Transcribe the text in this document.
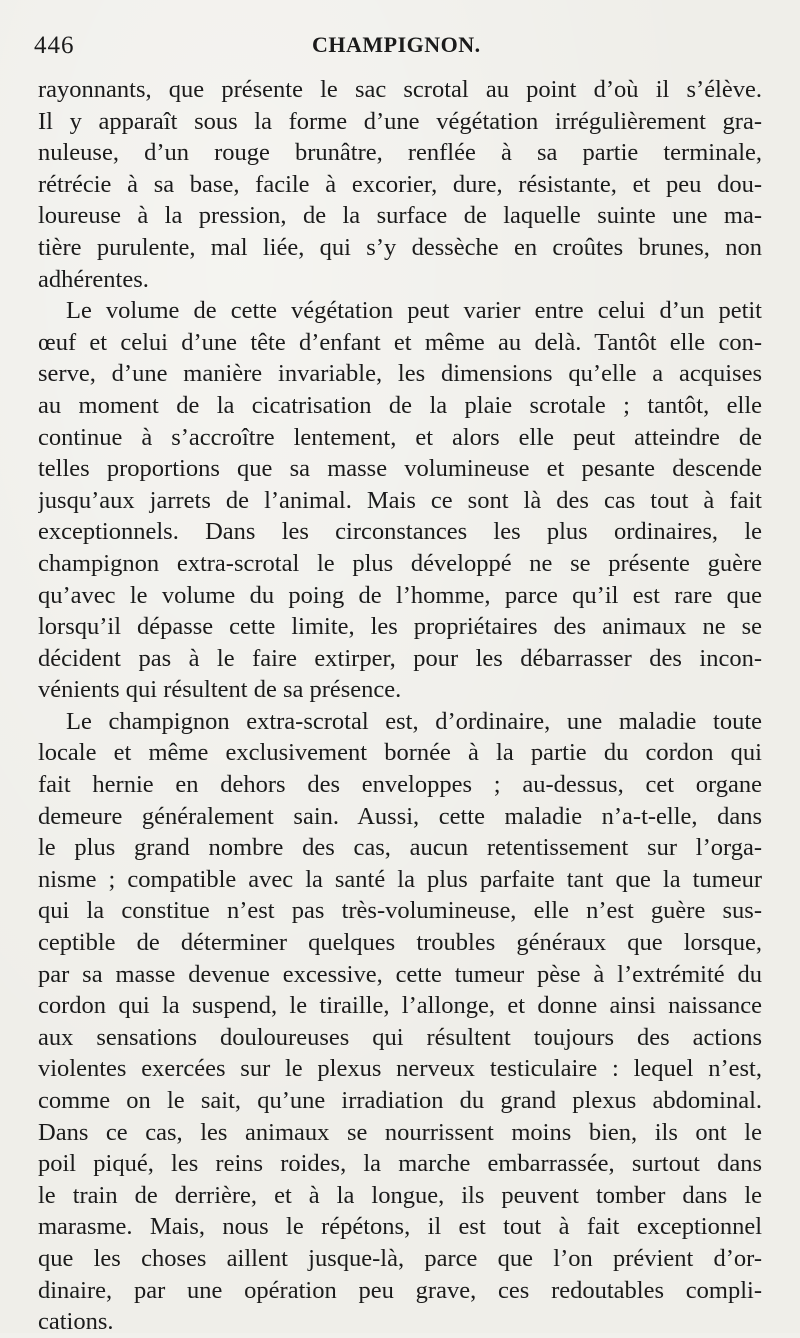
446	CHAMPIGNON.
rayonnants, que présente le sac scrotal au point d’où il s’élève.
Il y apparaît sous la forme d’une végétation irrégulièrement gra-
nuleuse, d’un rouge brunâtre, renflée à sa partie terminale,
rétrécie à sa base, facile à excorier, dure, résistante, et peu dou-
loureuse à la pression, de la surface de laquelle suinte une ma-
tière purulente, mal liée, qui s’y dessèche en croûtes brunes, non
adhérentes.
Le volume de cette végétation peut varier entre celui d’un petit
œuf et celui d’une tête d’enfant et même au delà. Tantôt elle con-
serve, d’une manière invariable, les dimensions qu’elle a acquises
au moment de la cicatrisation de la plaie scrotale ; tantôt, elle
continue à s’accroître lentement, et alors elle peut atteindre de
telles proportions que sa masse volumineuse et pesante descende
jusqu’aux jarrets de l’animal. Mais ce sont là des cas tout à fait
exceptionnels. Dans les circonstances les plus ordinaires, le
champignon extra-scrotal le plus développé ne se présente guère
qu’avec le volume du poing de l’homme, parce qu’il est rare que
lorsqu’il dépasse cette limite, les propriétaires des animaux ne se
décident pas à le faire extirper, pour les débarrasser des incon-
vénients qui résultent de sa présence.
Le champignon extra-scrotal est, d’ordinaire, une maladie toute
locale et même exclusivement bornée à la partie du cordon qui
fait hernie en dehors des enveloppes ; au-dessus, cet organe
demeure généralement sain. Aussi, cette maladie n’a-t-elle, dans
le plus grand nombre des cas, aucun retentissement sur l’orga-
nisme ; compatible avec la santé la plus parfaite tant que la tumeur
qui la constitue n’est pas très-volumineuse, elle n’est guère sus-
ceptible de déterminer quelques troubles généraux que lorsque,
par sa masse devenue excessive, cette tumeur pèse à l’extrémité du
cordon qui la suspend, le tiraille, l’allonge, et donne ainsi naissance
aux sensations douloureuses qui résultent toujours des actions
violentes exercées sur le plexus nerveux testiculaire : lequel n’est,
comme on le sait, qu’une irradiation du grand plexus abdominal.
Dans ce cas, les animaux se nourrissent moins bien, ils ont le
poil piqué, les reins roides, la marche embarrassée, surtout dans
le train de derrière, et à la longue, ils peuvent tomber dans le
marasme. Mais, nous le répétons, il est tout à fait exceptionnel
que les choses aillent jusque-là, parce que l’on prévient d’or-
dinaire, par une opération peu grave, ces redoutables compli-
cations.
